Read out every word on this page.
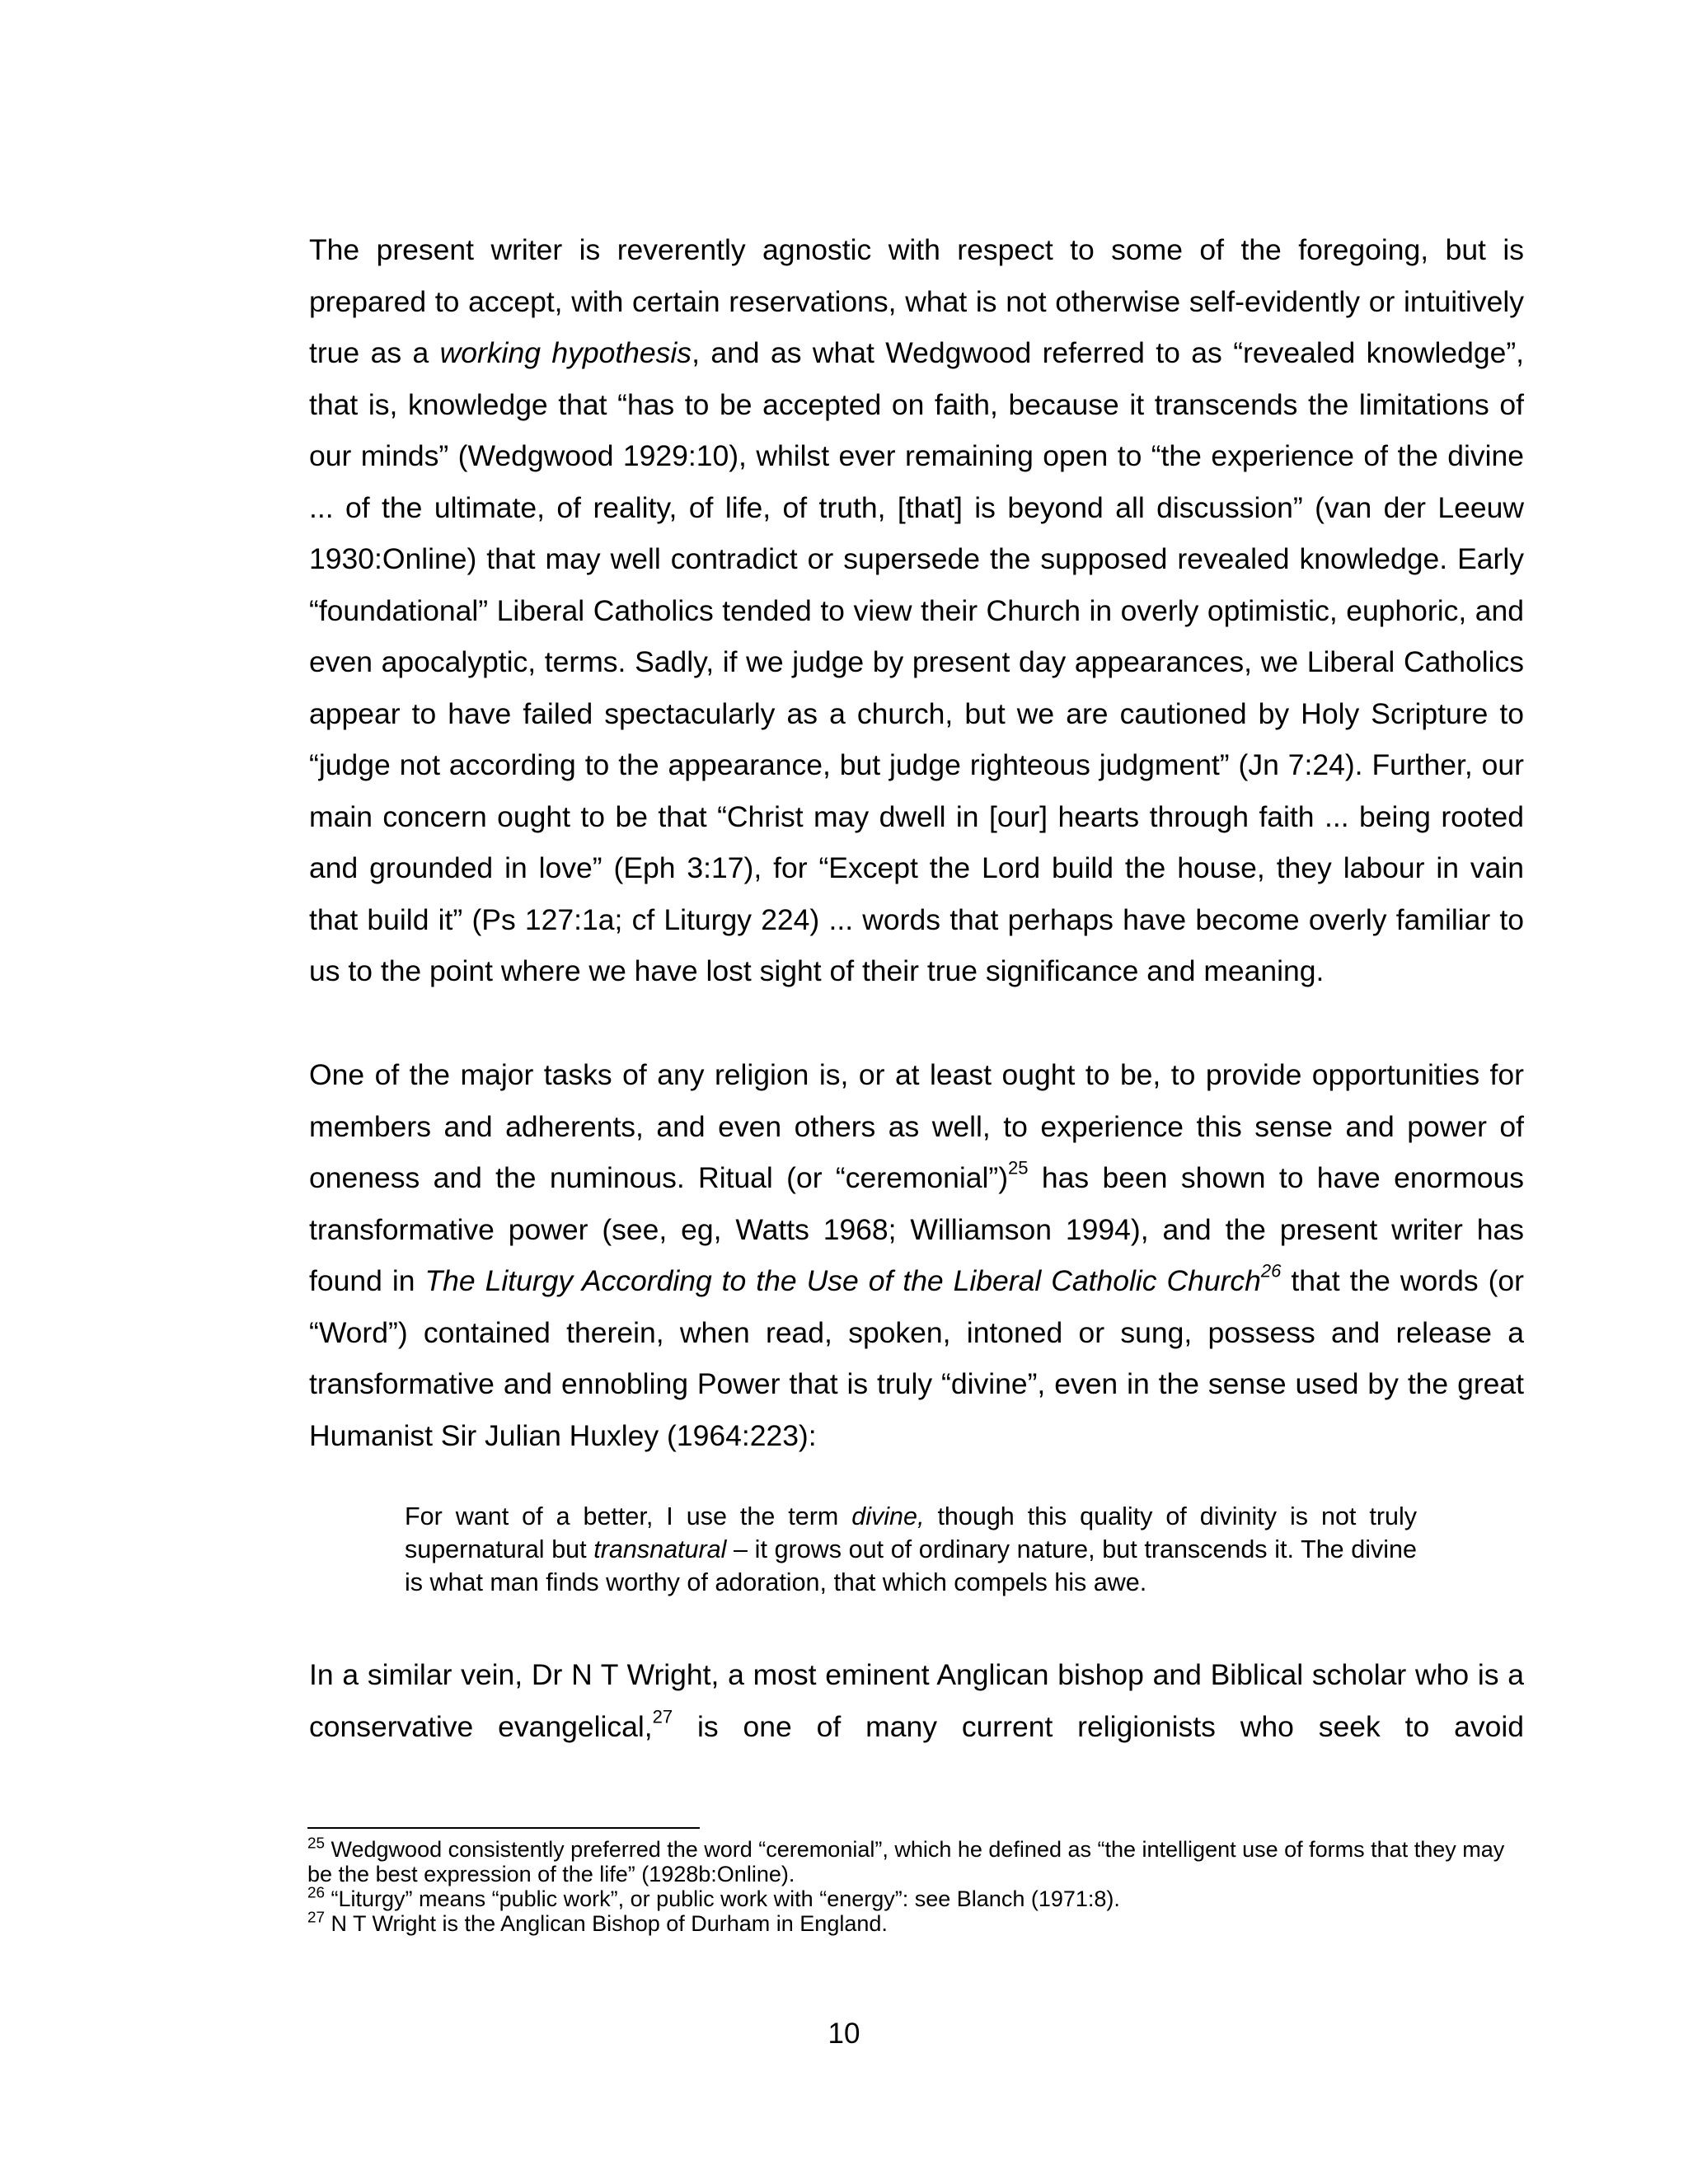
The present writer is reverently agnostic with respect to some of the foregoing, but is prepared to accept, with certain reservations, what is not otherwise self-evidently or intuitively true as a working hypothesis, and as what Wedgwood referred to as “revealed knowledge”, that is, knowledge that “has to be accepted on faith, because it transcends the limitations of our minds” (Wedgwood 1929:10), whilst ever remaining open to “the experience of the divine ... of the ultimate, of reality, of life, of truth, [that] is beyond all discussion” (van der Leeuw 1930:Online) that may well contradict or supersede the supposed revealed knowledge. Early “foundational” Liberal Catholics tended to view their Church in overly optimistic, euphoric, and even apocalyptic, terms. Sadly, if we judge by present day appearances, we Liberal Catholics appear to have failed spectacularly as a church, but we are cautioned by Holy Scripture to “judge not according to the appearance, but judge righteous judgment” (Jn 7:24). Further, our main concern ought to be that “Christ may dwell in [our] hearts through faith ... being rooted and grounded in love” (Eph 3:17), for “Except the Lord build the house, they labour in vain that build it” (Ps 127:1a; cf Liturgy 224) ... words that perhaps have become overly familiar to us to the point where we have lost sight of their true significance and meaning.

One of the major tasks of any religion is, or at least ought to be, to provide opportunities for members and adherents, and even others as well, to experience this sense and power of oneness and the numinous. Ritual (or “ceremonial”)$^{25}$ has been shown to have enormous transformative power (see, eg, Watts 1968; Williamson 1994), and the present writer has found in The Liturgy According to the Use of the Liberal Catholic Church$^{26}$ that the words (or “Word”) contained therein, when read, spoken, intoned or sung, possess and release a transformative and ennobling Power that is truly “divine”, even in the sense used by the great Humanist Sir Julian Huxley (1964:223):

For want of a better, I use the term divine, though this quality of divinity is not truly supernatural but transnatural – it grows out of ordinary nature, but transcends it. The divine is what man finds worthy of adoration, that which compels his awe.

In a similar vein, Dr N T Wright, a most eminent Anglican bishop and Biblical scholar who is a conservative evangelical,$^{27}$ is one of many current religionists who seek to avoid

$^{25}$ Wedgwood consistently preferred the word “ceremonial”, which he defined as “the intelligent use of forms that they may be the best expression of the life” (1928b:Online).

$^{26}$ “Liturgy” means “public work”, or public work with “energy”: see Blanch (1971:8).

$^{27}$ N T Wright is the Anglican Bishop of Durham in England.

10
